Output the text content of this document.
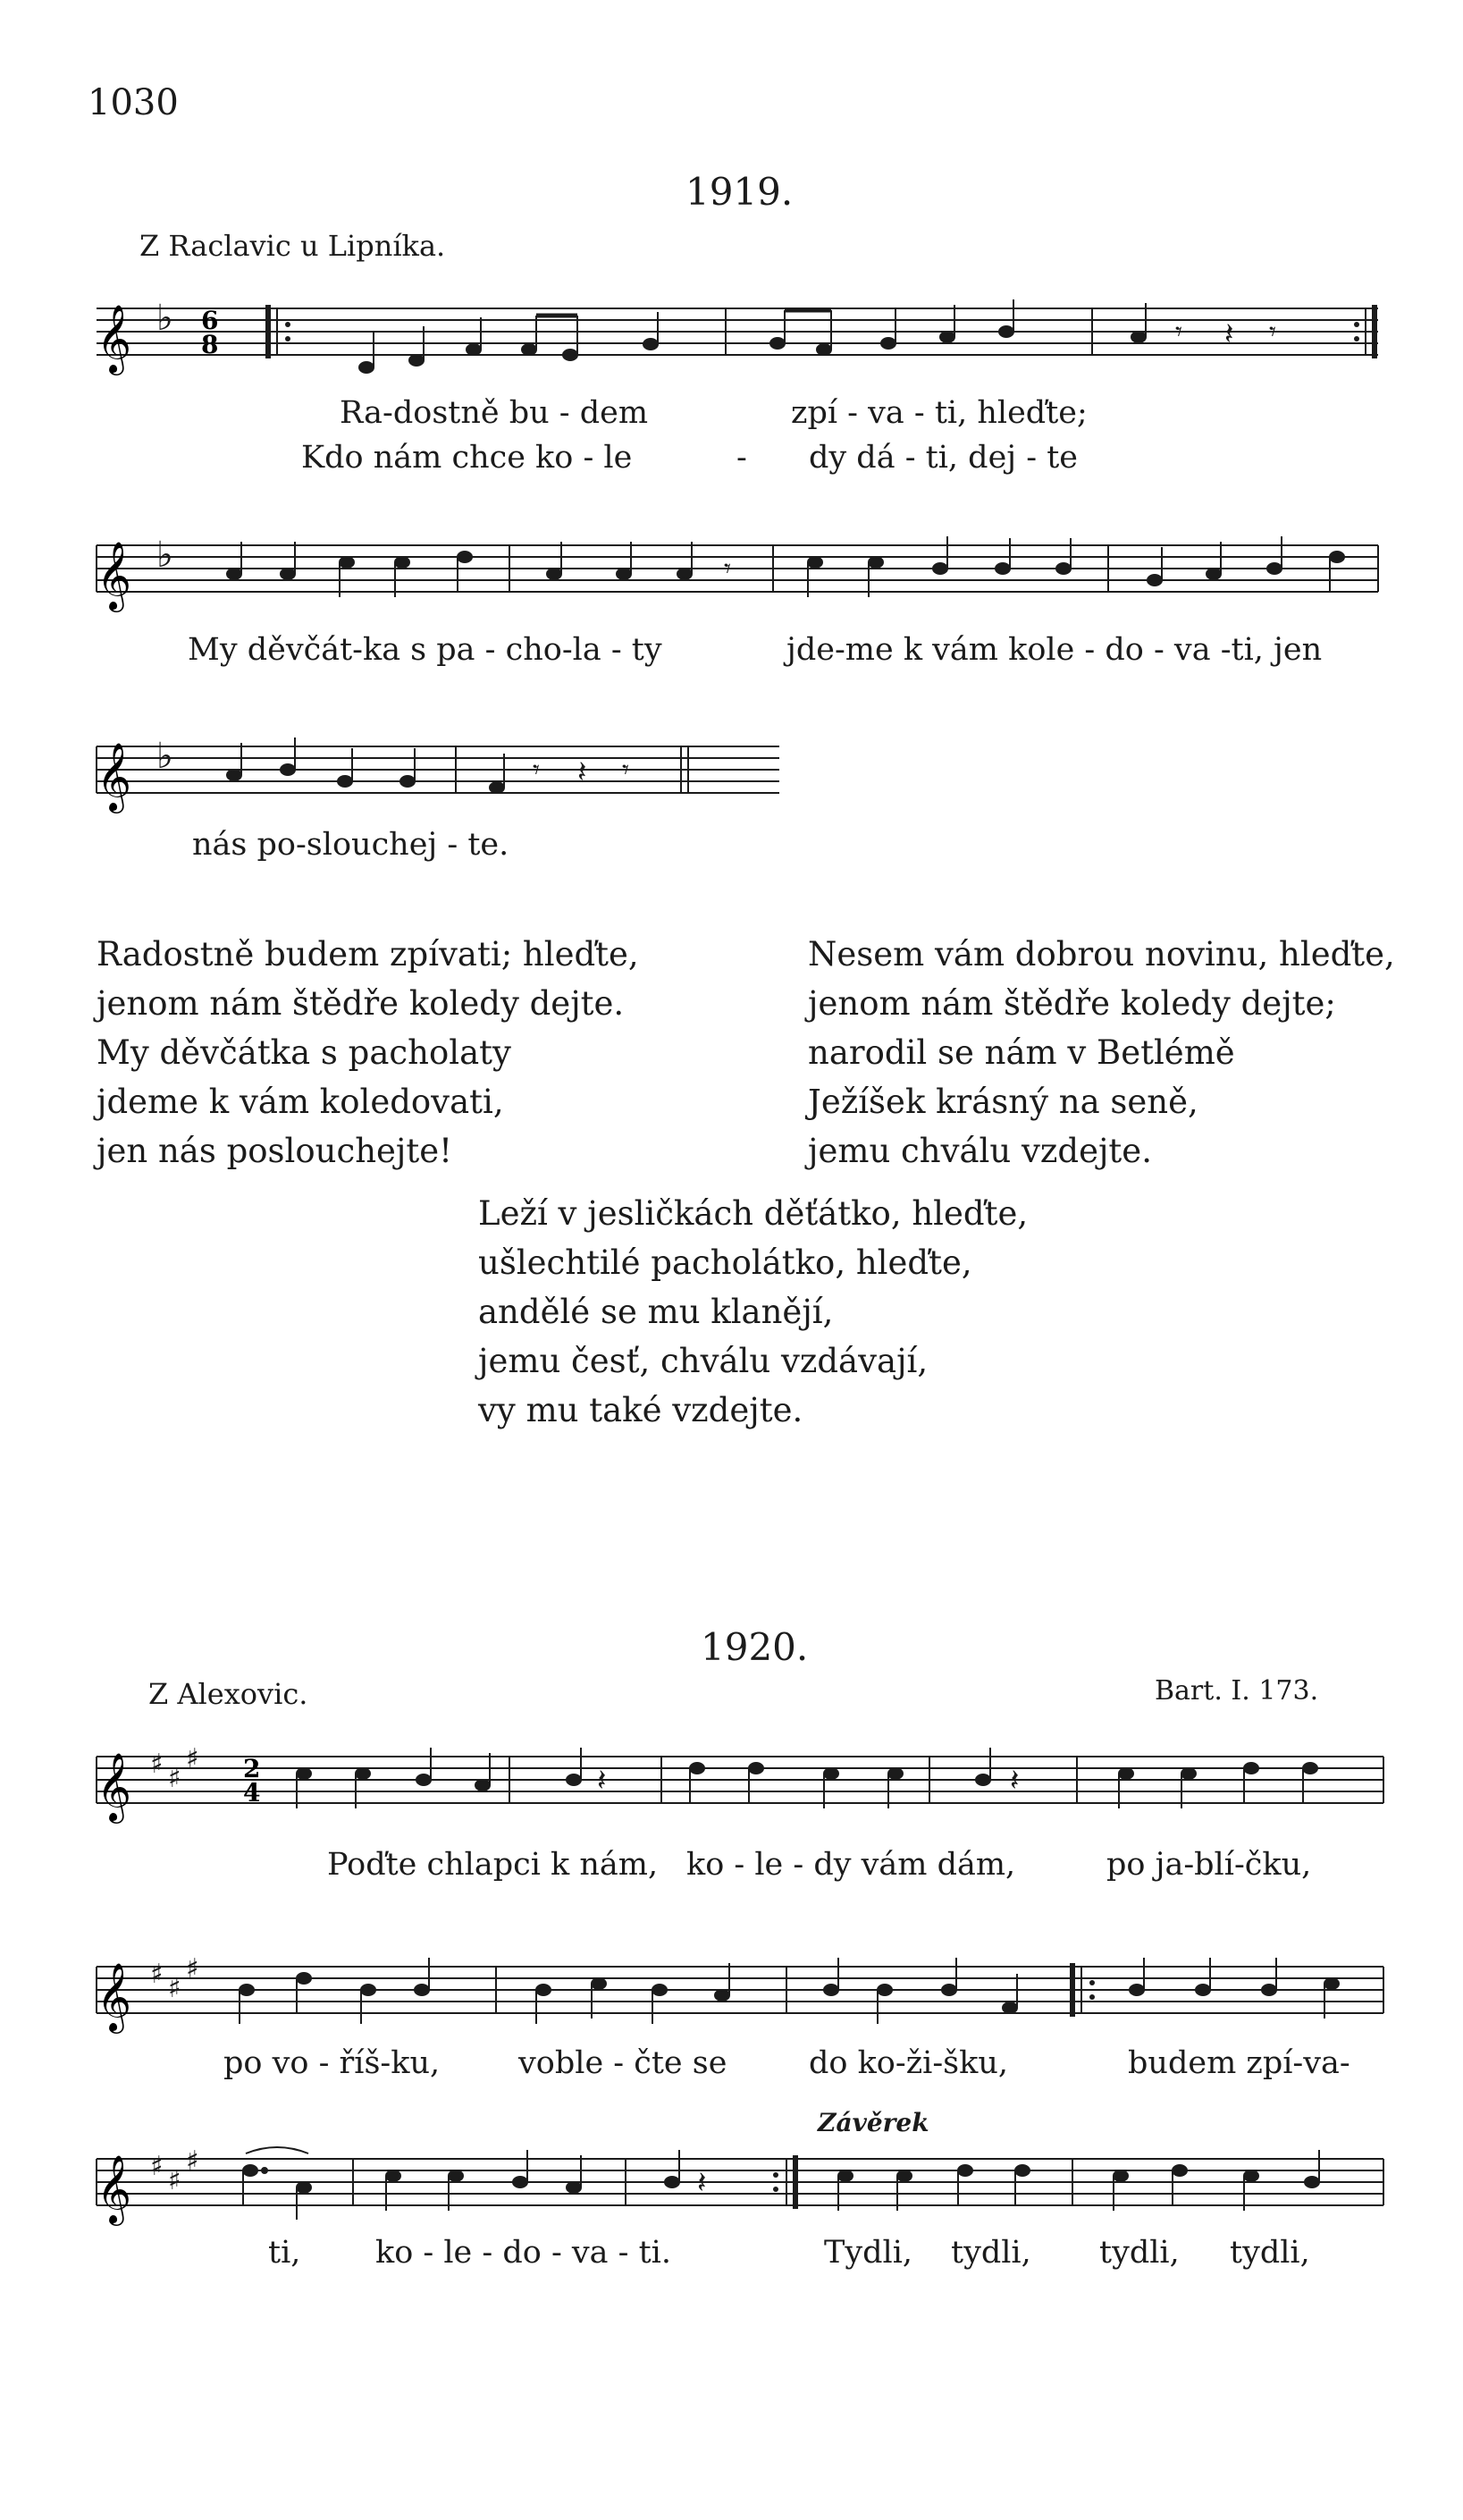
1030
1919.
Z Raclavic u Lipníka.
𝄞 ♭ 6
8	𝄾 𝄽 𝄾
Ra-dostně bu - dem	zpí - va - ti, hleďte;
Kdo nám chce ko - le	- dy dá - ti, dej - te
𝄞 ♭	𝄾
My děvčát-ka s pa - cho-la - ty	jde-me k vám kole - do - va -ti, jen
𝄞 ♭	𝄾 𝄽 𝄾
nás po-slouchej - te.
Radostně budem zpívati; hleďte,
jenom nám štědře koledy dejte.
My děvčátka s pacholaty
jdeme k vám koledovati,
jen nás poslouchejte!
Nesem vám dobrou novinu, hleďte,
jenom nám štědře koledy dejte;
narodil se nám v Betlémě
Ježíšek krásný na seně,
jemu chválu vzdejte.
Leží v jesličkách děťátko, hleďte,
ušlechtilé pacholátko, hleďte,
andělé se mu klanějí,
jemu česť, chválu vzdávají,
vy mu také vzdejte.
1920.
Z Alexovic.	Bart. I. 173.
𝄞 ♯ ♯
♯ 2
4	𝄽	𝄽
Poďte chlapci k nám, ko - le - dy vám dám,	po ja-blí-čku,
𝄞 ♯ ♯
♯
po vo - říš-ku,	voble - čte se	do ko-ži-šku,	budem zpí-va-
Závěrek
𝄞 ♯ ♯
♯
𝄽
ti, ko - le - do - va - ti.	Tydli, tydli, tydli, tydli,
